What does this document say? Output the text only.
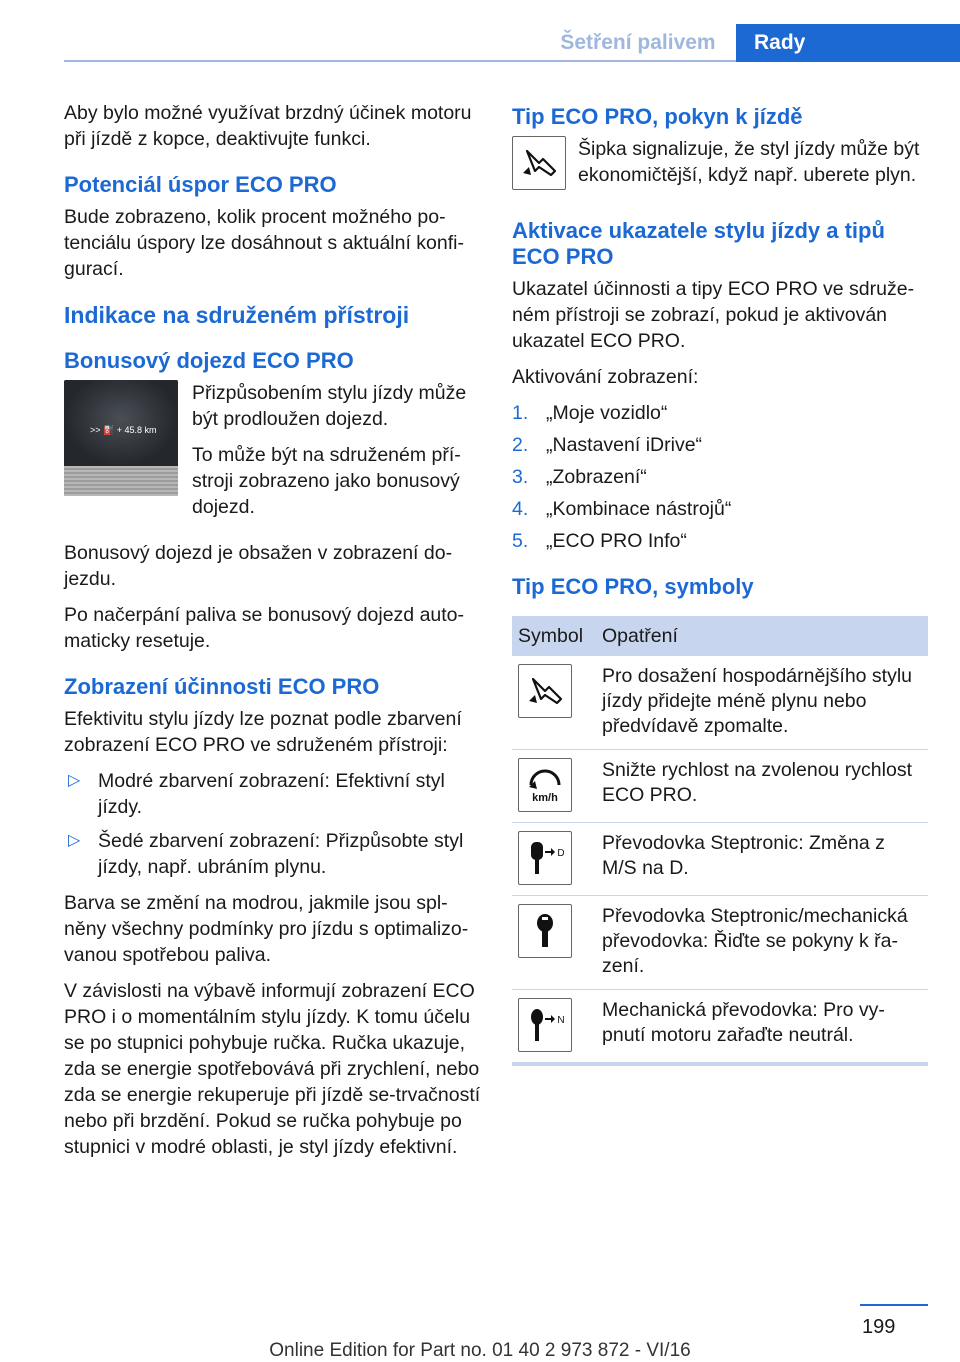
Šetření palivem	Rady

Aby bylo možné využívat brzdný účinek motoru při jízdě z kopce, deaktivujte funkci.

Potenciál úspor ECO PRO

Bude zobrazeno, kolik procent možného po-tenciálu úspory lze dosáhnout s aktuální konfi-gurací.

Indikace na sdruženém přístroji
Bonusový dojezd ECO PRO
>> ⛽ + 45.8 km

Přizpůsobením stylu jízdy může být prodloužen dojezd.

To může být na sdruženém pří-stroji zobrazeno jako bonusový dojezd.

Bonusový dojezd je obsažen v zobrazení do-jezdu.

Po načerpání paliva se bonusový dojezd auto-maticky resetuje.

Zobrazení účinnosti ECO PRO

Efektivitu stylu jízdy lze poznat podle zbarvení zobrazení ECO PRO ve sdruženém přístroji:

▷ Modré zbarvení zobrazení: Efektivní styl jízdy.
▷ Šedé zbarvení zobrazení: Přizpůsobte styl jízdy, např. ubráním plynu.

Barva se změní na modrou, jakmile jsou spl-něny všechny podmínky pro jízdu s optimalizo-vanou spotřebou paliva.

V závislosti na výbavě informují zobrazení ECO PRO i o momentálním stylu jízdy. K tomu účelu se po stupnici pohybuje ručka. Ručka ukazuje, zda se energie spotřebovává při zrychlení, nebo zda se energie rekuperuje při jízdě se-trvačností nebo při brzdění. Pokud se ručka pohybuje po stupnici v modré oblasti, je styl jízdy efektivní.

Tip ECO PRO, pokyn k jízdě

Šipka signalizuje, že styl jízdy může být ekonomičtější, když např. uberete plyn.

Aktivace ukazatele stylu jízdy a tipů ECO PRO

Ukazatel účinnosti a tipy ECO PRO ve sdruže-ném přístroji se zobrazí, pokud je aktivován ukazatel ECO PRO.

Aktivování zobrazení:

1. „Moje vozidlo“
2. „Nastavení iDrive“
3. „Zobrazení“
4. „Kombinace nástrojů“
5. „ECO PRO Info“
Tip ECO PRO, symboly
Symbol	Opatření

	Pro dosažení hospodárnějšího stylu jízdy přidejte méně plynu nebo předvídavě zpomalte.

km/h	Snižte rychlost na zvolenou rychlost ECO PRO.

D	Převodovka Steptronic: Změna z M/S na D.

	Převodovka Steptronic/mechanická převodovka: Řiďte se pokyny k řa-zení.

N	Mechanická převodovka: Pro vy-pnutí motoru zařaďte neutrál.
199
Online Edition for Part no. 01 40 2 973 872 - VI/16
